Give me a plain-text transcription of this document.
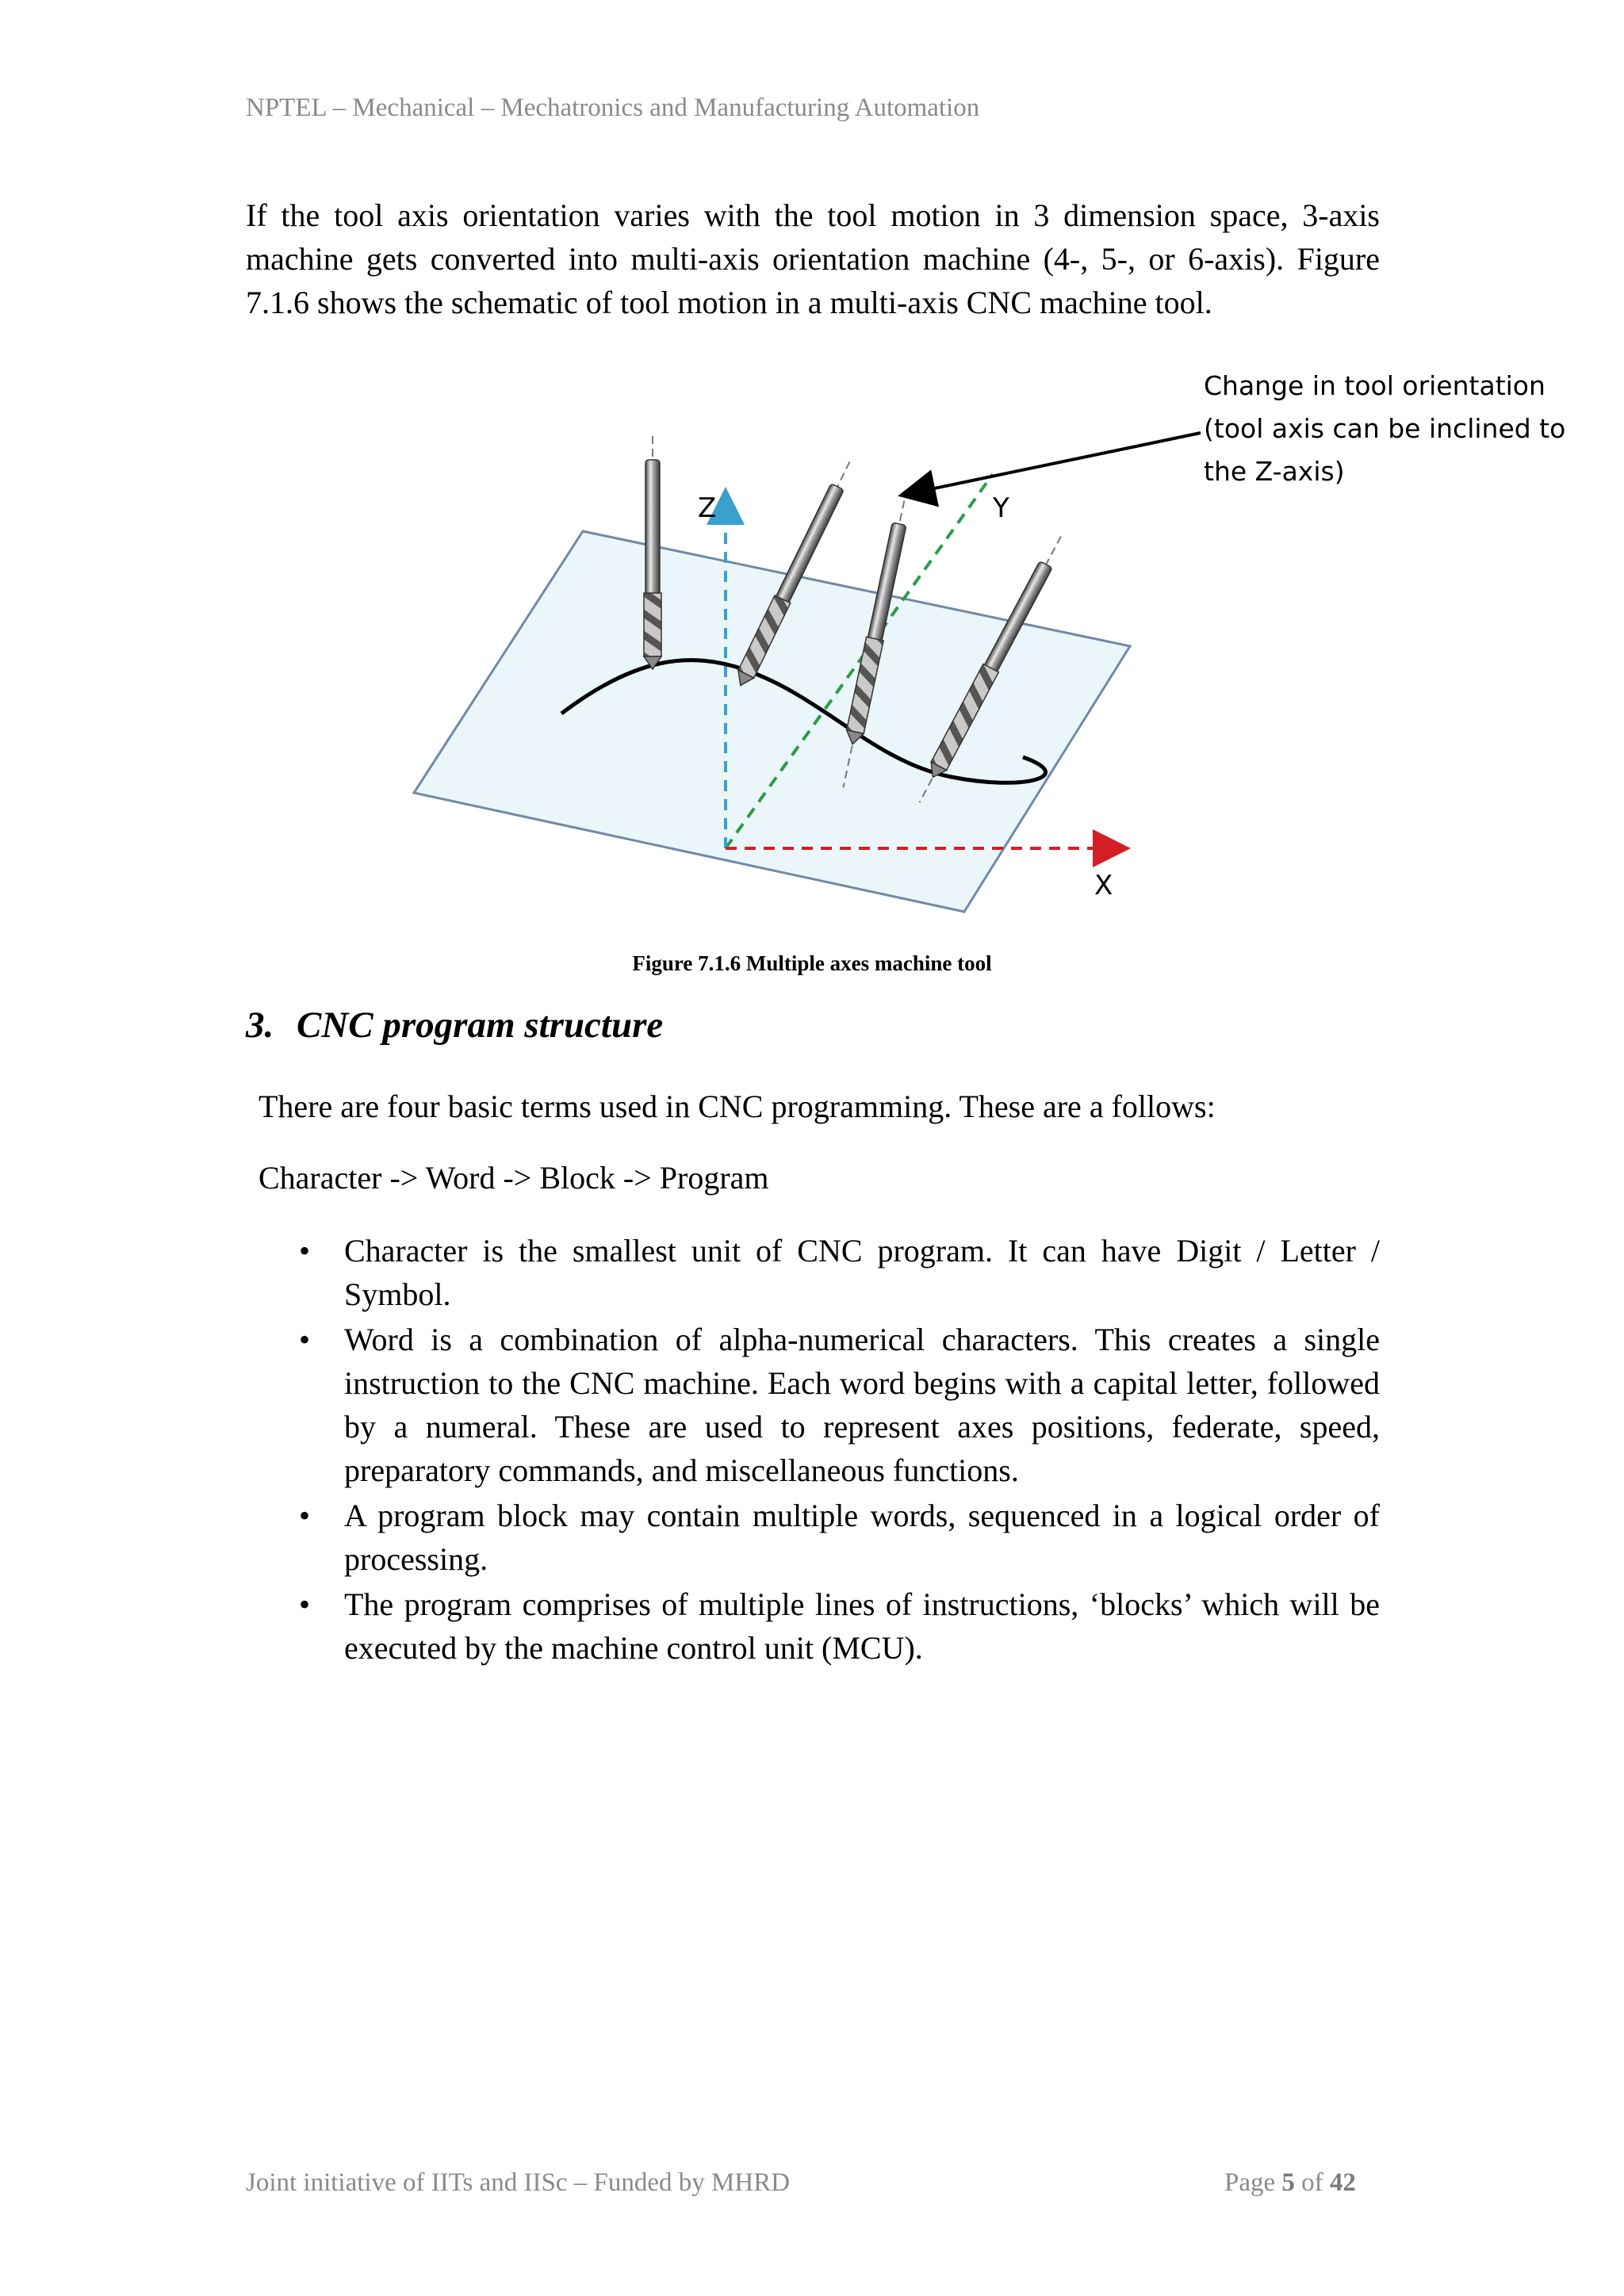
NPTEL – Mechanical – Mechatronics and Manufacturing Automation
If the tool axis orientation varies with the tool motion in 3 dimension space, 3-axis machine gets converted into multi-axis orientation machine (4-, 5-, or 6-axis). Figure 7.1.6 shows the schematic of tool motion in a multi-axis CNC machine tool.
Z	Y
X
Change in tool orientation
(tool axis can be inclined to
the Z-axis)
Figure 7.1.6 Multiple axes machine tool
3. CNC program structure
There are four basic terms used in CNC programming. These are a follows:
Character -> Word -> Block -> Program
• Character is the smallest unit of CNC program. It can have Digit / Letter / Symbol.
• Word is a combination of alpha-numerical characters. This creates a single instruction to the CNC machine. Each word begins with a capital letter, followed by a numeral. These are used to represent axes positions, federate, speed, preparatory commands, and miscellaneous functions.
• A program block may contain multiple words, sequenced in a logical order of processing.
• The program comprises of multiple lines of instructions, ‘blocks’ which will be executed by the machine control unit (MCU).
Joint initiative of IITs and IISc – Funded by MHRD	Page 5 of 42
